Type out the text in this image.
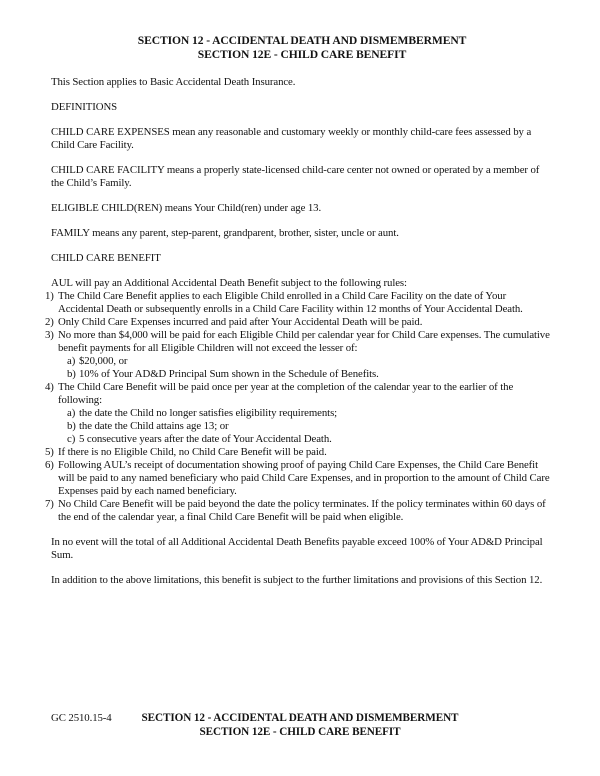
SECTION 12 - ACCIDENTAL DEATH AND DISMEMBERMENT
SECTION 12E - CHILD CARE BENEFIT

This Section applies to Basic Accidental Death Insurance.

DEFINITIONS

CHILD CARE EXPENSES mean any reasonable and customary weekly or monthly child-care fees assessed by a Child Care Facility.

CHILD CARE FACILITY means a properly state-licensed child-care center not owned or operated by a member of the Child’s Family.

ELIGIBLE CHILD(REN) means Your Child(ren) under age 13.

FAMILY means any parent, step-parent, grandparent, brother, sister, uncle or aunt.

CHILD CARE BENEFIT

AUL will pay an Additional Accidental Death Benefit subject to the following rules:

1) The Child Care Benefit applies to each Eligible Child enrolled in a Child Care Facility on the date of Your Accidental Death or subsequently enrolls in a Child Care Facility within 12 months of Your Accidental Death.
2) Only Child Care Expenses incurred and paid after Your Accidental Death will be paid.
3) No more than $4,000 will be paid for each Eligible Child per calendar year for Child Care expenses. The cumulative benefit payments for all Eligible Children will not exceed the lesser of:
a) $20,000, or
b) 10% of Your AD&D Principal Sum shown in the Schedule of Benefits.
4) The Child Care Benefit will be paid once per year at the completion of the calendar year to the earlier of the following:
a) the date the Child no longer satisfies eligibility requirements;
b) the date the Child attains age 13; or
c) 5 consecutive years after the date of Your Accidental Death.
5) If there is no Eligible Child, no Child Care Benefit will be paid.
6) Following AUL’s receipt of documentation showing proof of paying Child Care Expenses, the Child Care Benefit will be paid to any named beneficiary who paid Child Care Expenses, and in proportion to the amount of Child Care Expenses paid by each named beneficiary.
7) No Child Care Benefit will be paid beyond the date the policy terminates. If the policy terminates within 60 days of the end of the calendar year, a final Child Care Benefit will be paid when eligible.

In no event will the total of all Additional Accidental Death Benefits payable exceed 100% of Your AD&D Principal Sum.

In addition to the above limitations, this benefit is subject to the further limitations and provisions of this Section 12.

GC 2510.15-4	SECTION 12 - ACCIDENTAL DEATH AND DISMEMBERMENT
SECTION 12E - CHILD CARE BENEFIT
